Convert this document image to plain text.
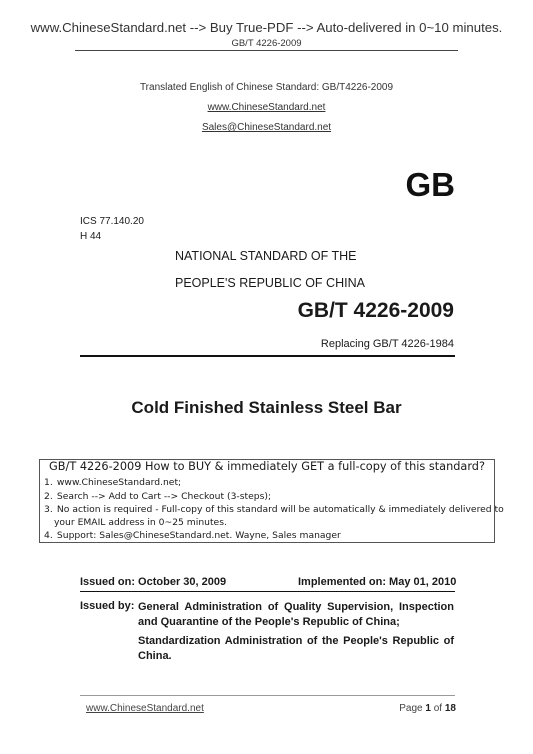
www.ChineseStandard.net --> Buy True-PDF --> Auto-delivered in 0~10 minutes.
GB/T 4226-2009
Translated English of Chinese Standard: GB/T4226-2009
www.ChineseStandard.net
Sales@ChineseStandard.net
GB
ICS 77.140.20
H 44
NATIONAL STANDARD OF THE
PEOPLE'S REPUBLIC OF CHINA
GB/T 4226-2009
Replacing GB/T 4226-1984
Cold Finished Stainless Steel Bar
GB/T 4226-2009 How to BUY & immediately GET a full-copy of this standard?
1. www.ChineseStandard.net;
2. Search --> Add to Cart --> Checkout (3-steps);
3. No action is required - Full-copy of this standard will be automatically & immediately delivered to
your EMAIL address in 0~25 minutes.
4. Support: Sales@ChineseStandard.net. Wayne, Sales manager
Issued on: October 30, 2009	Implemented on: May 01, 2010
Issued by: General Administration of Quality Supervision, Inspection and Quarantine of the People's Republic of China;
Standardization Administration of the People's Republic of China.
www.ChineseStandard.net	Page 1 of 18
